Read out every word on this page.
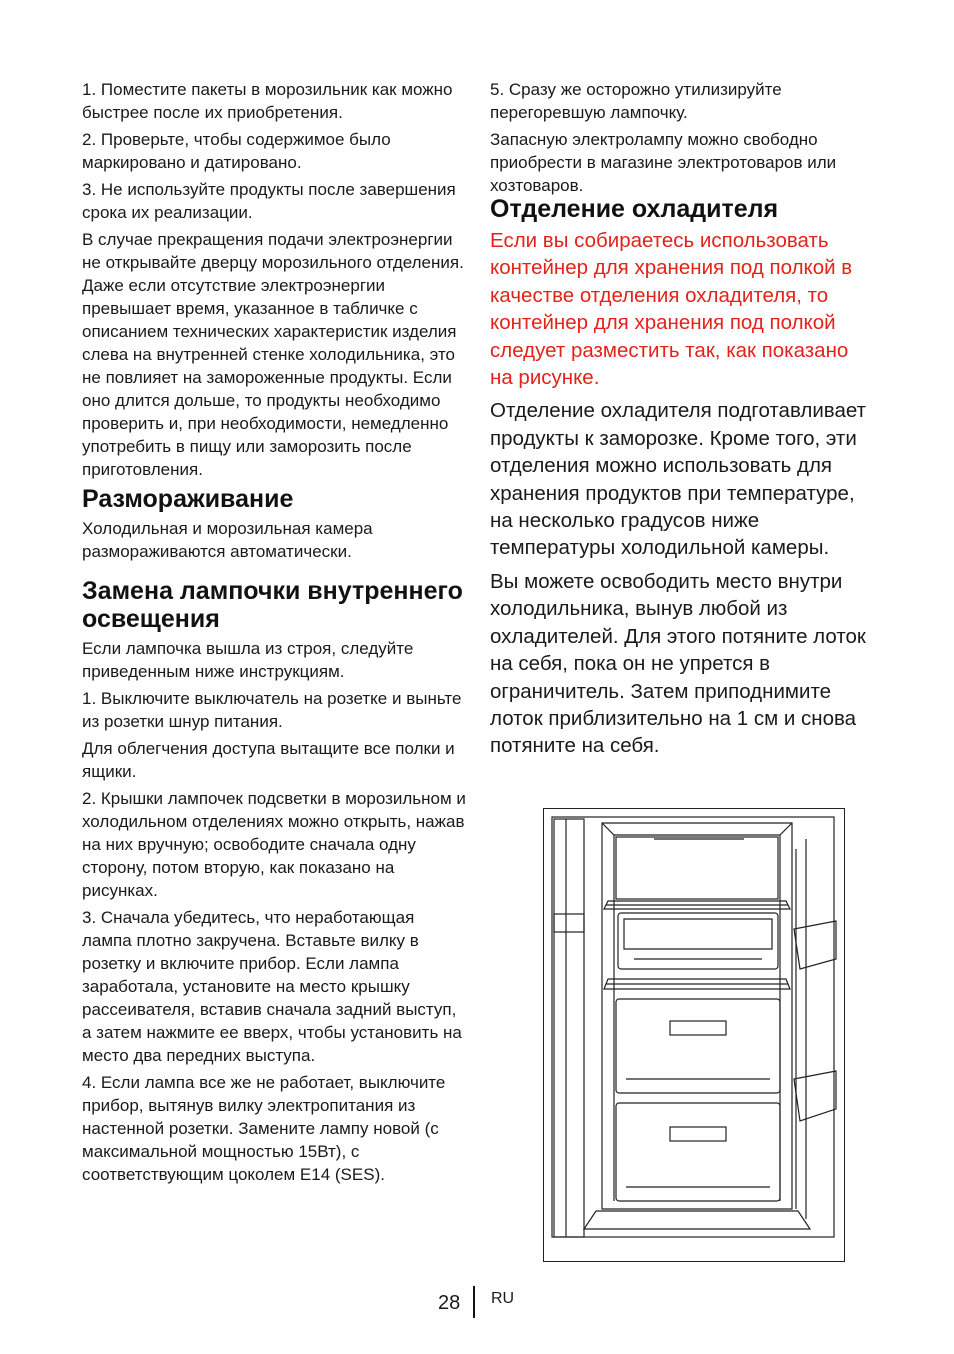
1. Поместите пакеты в морозильник как можно быстрее после их приобретения.

2. Проверьте, чтобы содержимое было маркировано и датировано.

3. Не используйте продукты после завершения срока их реализации.

В случае прекращения подачи электроэнергии не открывайте дверцу морозильного отделения. Даже если отсутствие электроэнергии превышает время, указанное в табличке с описанием технических характеристик изделия слева на внутренней стенке холодильника, это не повлияет на замороженные продукты. Если оно длится дольше, то продукты необходимо проверить и, при необходимости, немедленно употребить в пищу или заморозить после приготовления.

Размораживание

Холодильная и морозильная камера размораживаются автоматически.

Замена лампочки внутреннего освещения

Если лампочка вышла из строя, следуйте приведенным ниже инструкциям.

1. Выключите выключатель на розетке и выньте из розетки шнур питания.

Для облегчения доступа вытащите все полки и ящики.

2. Крышки лампочек подсветки в морозильном и холодильном отделениях можно открыть, нажав на них вручную; освободите сначала одну сторону, потом вторую, как показано на рисунках.

3. Сначала убедитесь, что неработающая лампа плотно закручена. Вставьте вилку в розетку и включите прибор. Если лампа заработала, установите на место крышку рассеивателя, вставив сначала задний выступ, а затем нажмите ее вверх, чтобы установить на место два передних выступа.

4. Если лампа все же не работает, выключите прибор, вытянув вилку электропитания из настенной розетки. Замените лампу новой (с максимальной мощностью 15Вт), с соответствующим цоколем E14 (SES).

5. Сразу же осторожно утилизируйте перегоревшую лампочку.

Запасную электролампу можно свободно приобрести в магазине электротоваров или хозтоваров.

Отделение охладителя

Если вы собираетесь использовать контейнер для хранения под полкой в качестве отделения охладителя, то контейнер для хранения под полкой следует разместить так, как показано на рисунке.

Отделение охладителя подготавливает продукты к заморозке. Кроме того, эти отделения можно использовать для хранения продуктов при температуре, на несколько градусов ниже температуры холодильной камеры.

Вы можете освободить место внутри холодильника, вынув любой из охладителей. Для этого потяните лоток на себя, пока он не упрется в ограничитель. Затем приподнимите лоток приблизительно на 1 см и снова потяните на себя.

28 RU
